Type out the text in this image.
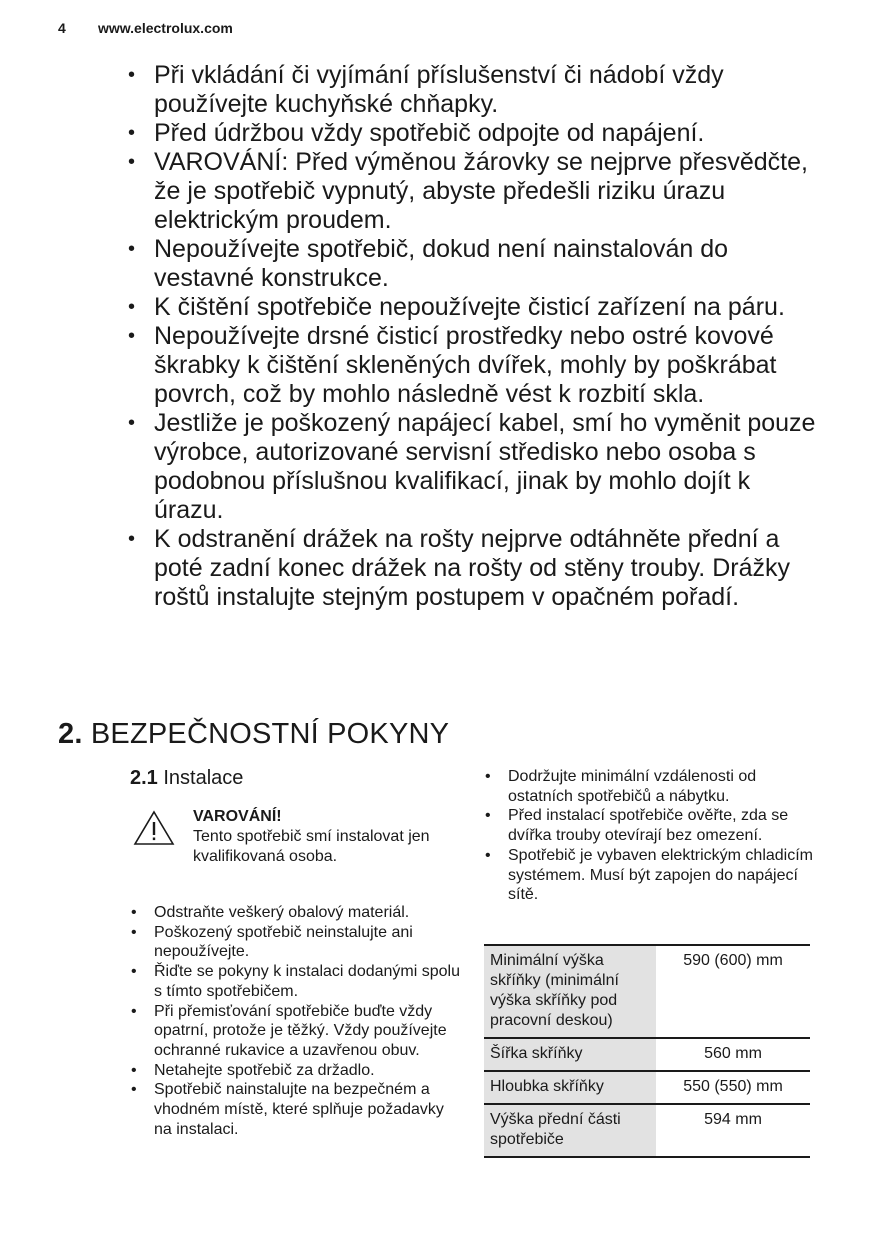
4 www.electrolux.com
• Při vkládání či vyjímání příslušenství či nádobí vždy používejte kuchyňské chňapky.
• Před údržbou vždy spotřebič odpojte od napájení.
• VAROVÁNÍ: Před výměnou žárovky se nejprve přesvědčte, že je spotřebič vypnutý, abyste předešli riziku úrazu elektrickým proudem.
• Nepoužívejte spotřebič, dokud není nainstalován do vestavné konstrukce.
• K čištění spotřebiče nepoužívejte čisticí zařízení na páru.
• Nepoužívejte drsné čisticí prostředky nebo ostré kovové škrabky k čištění skleněných dvířek, mohly by poškrábat povrch, což by mohlo následně vést k rozbití skla.
• Jestliže je poškozený napájecí kabel, smí ho vyměnit pouze výrobce, autorizované servisní středisko nebo osoba s podobnou příslušnou kvalifikací, jinak by mohlo dojít k úrazu.
• K odstranění drážek na rošty nejprve odtáhněte přední a poté zadní konec drážek na rošty od stěny trouby. Drážky roštů instalujte stejným postupem v opačném pořadí.
2. BEZPEČNOSTNÍ POKYNY
2.1 Instalace
VAROVÁNÍ!
Tento spotřebič smí instalovat jen kvalifikovaná osoba.
• Odstraňte veškerý obalový materiál.
• Poškozený spotřebič neinstalujte ani nepoužívejte.
• Řiďte se pokyny k instalaci dodanými spolu s tímto spotřebičem.
• Při přemisťování spotřebiče buďte vždy opatrní, protože je těžký. Vždy používejte ochranné rukavice a uzavřenou obuv.
• Netahejte spotřebič za držadlo.
• Spotřebič nainstalujte na bezpečném a vhodném místě, které splňuje požadavky na instalaci.
• Dodržujte minimální vzdálenosti od ostatních spotřebičů a nábytku.
• Před instalací spotřebiče ověřte, zda se dvířka trouby otevírají bez omezení.
• Spotřebič je vybaven elektrickým chladicím systémem. Musí být zapojen do napájecí sítě.
Minimální výška skříňky (minimální výška skříňky pod pracovní deskou)	590 (600) mm
Šířka skříňky	560 mm
Hloubka skříňky	550 (550) mm
Výška přední části spotřebiče	594 mm
